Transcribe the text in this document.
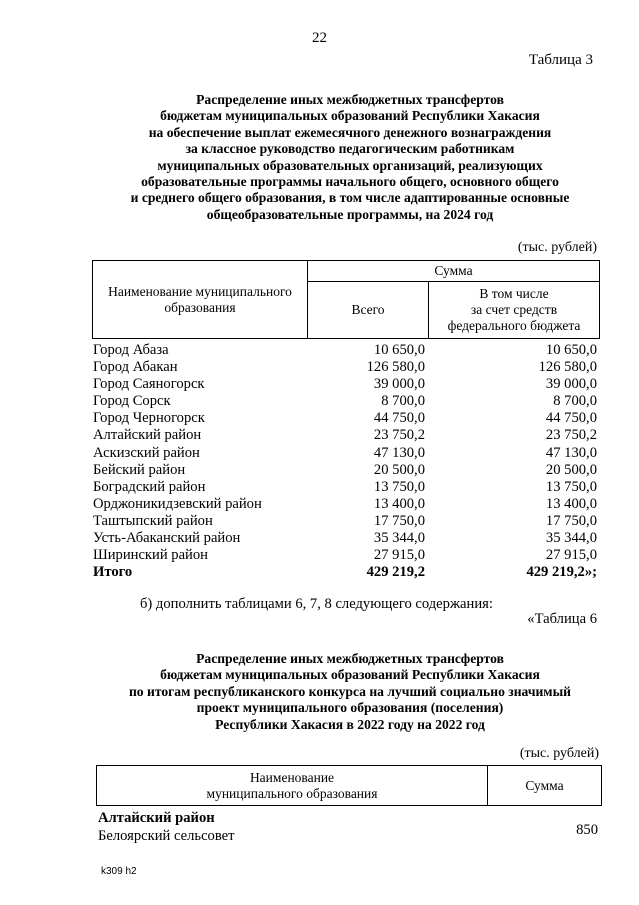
22
Таблица 3
Распределение иных межбюджетных трансфертов
бюджетам муниципальных образований Республики Хакасия
на обеспечение выплат ежемесячного денежного вознаграждения
за классное руководство педагогическим работникам
муниципальных образовательных организаций, реализующих
образовательные программы начального общего, основного общего
и среднего общего образования, в том числе адаптированные основные
общеобразовательные программы, на 2024 год
(тыс. рублей)
Наименование муниципального образования	Сумма	
	Всего	В том числе
за счет средств
федерального бюджета
Город Абаза	10 650,0	10 650,0
Город Абакан	126 580,0	126 580,0
Город Саяногорск	39 000,0	39 000,0
Город Сорск	8 700,0	8 700,0
Город Черногорск	44 750,0	44 750,0
Алтайский район	23 750,2	23 750,2
Аскизский район	47 130,0	47 130,0
Бейский район	20 500,0	20 500,0
Боградский район	13 750,0	13 750,0
Орджоникидзевский район	13 400,0	13 400,0
Таштыпский район	17 750,0	17 750,0
Усть-Абаканский район	35 344,0	35 344,0
Ширинский район	27 915,0	27 915,0
Итого	429 219,2	429 219,2»;
б) дополнить таблицами 6, 7, 8 следующего содержания:
«Таблица 6
Распределение иных межбюджетных трансфертов
бюджетам муниципальных образований Республики Хакасия
по итогам республиканского конкурса на лучший социально значимый
проект муниципального образования (поселения)
Республики Хакасия в 2022 году на 2022 год
(тыс. рублей)
Наименование
муниципального образования
	Сумма
Алтайский район
Белоярский сельсовет	850
k309 h2
